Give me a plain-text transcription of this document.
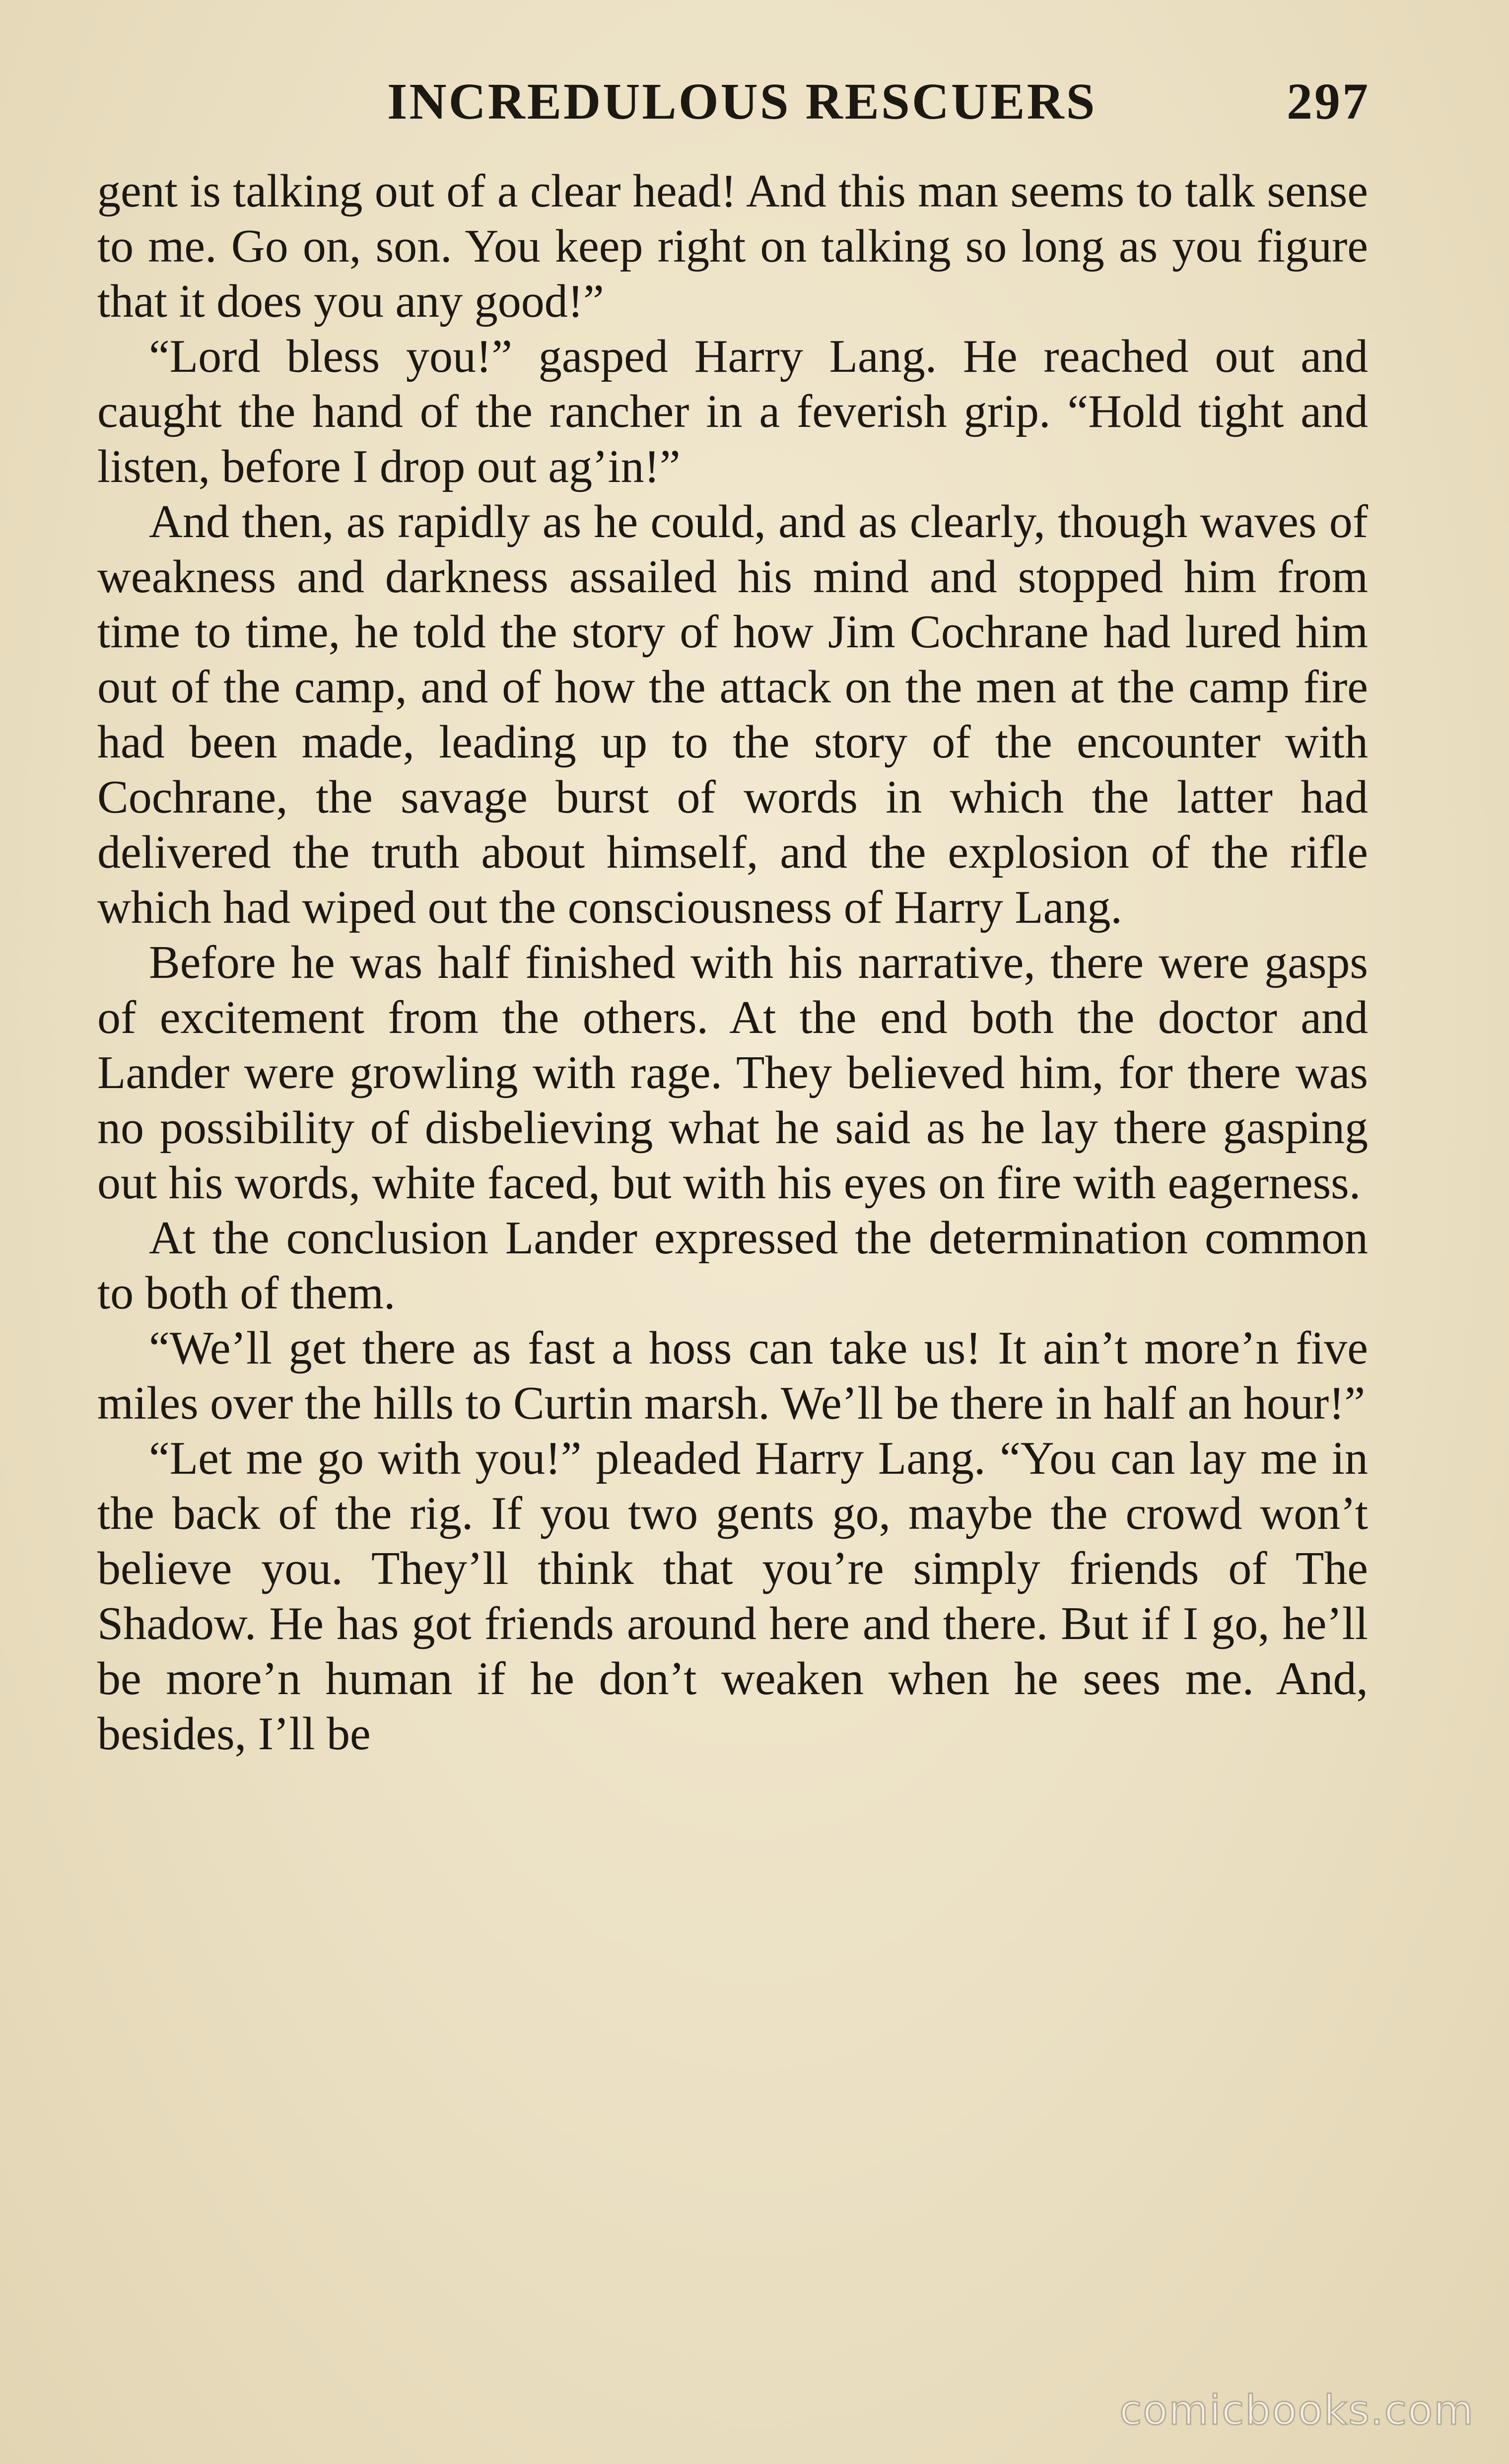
INCREDULOUS RESCUERS	297

gent is talking out of a clear head! And this man seems to talk sense to me. Go on, son. You keep right on talking so long as you figure that it does you any good!”

“Lord bless you!” gasped Harry Lang. He reached out and caught the hand of the rancher in a feverish grip. “Hold tight and listen, before I drop out ag’in!”

And then, as rapidly as he could, and as clearly, though waves of weakness and darkness assailed his mind and stopped him from time to time, he told the story of how Jim Cochrane had lured him out of the camp, and of how the attack on the men at the camp fire had been made, leading up to the story of the encounter with Cochrane, the savage burst of words in which the latter had delivered the truth about himself, and the explosion of the rifle which had wiped out the consciousness of Harry Lang.

Before he was half finished with his narrative, there were gasps of excitement from the others. At the end both the doctor and Lander were growling with rage. They believed him, for there was no possibility of disbelieving what he said as he lay there gasping out his words, white faced, but with his eyes on fire with eagerness.

At the conclusion Lander expressed the determination common to both of them.

“We’ll get there as fast a hoss can take us! It ain’t more’n five miles over the hills to Curtin marsh. We’ll be there in half an hour!”

“Let me go with you!” pleaded Harry Lang. “You can lay me in the back of the rig. If you two gents go, maybe the crowd won’t believe you. They’ll think that you’re simply friends of The Shadow. He has got friends around here and there. But if I go, he’ll be more’n human if he don’t weaken when he sees me. And, besides, I’ll be

comicbooks.com
